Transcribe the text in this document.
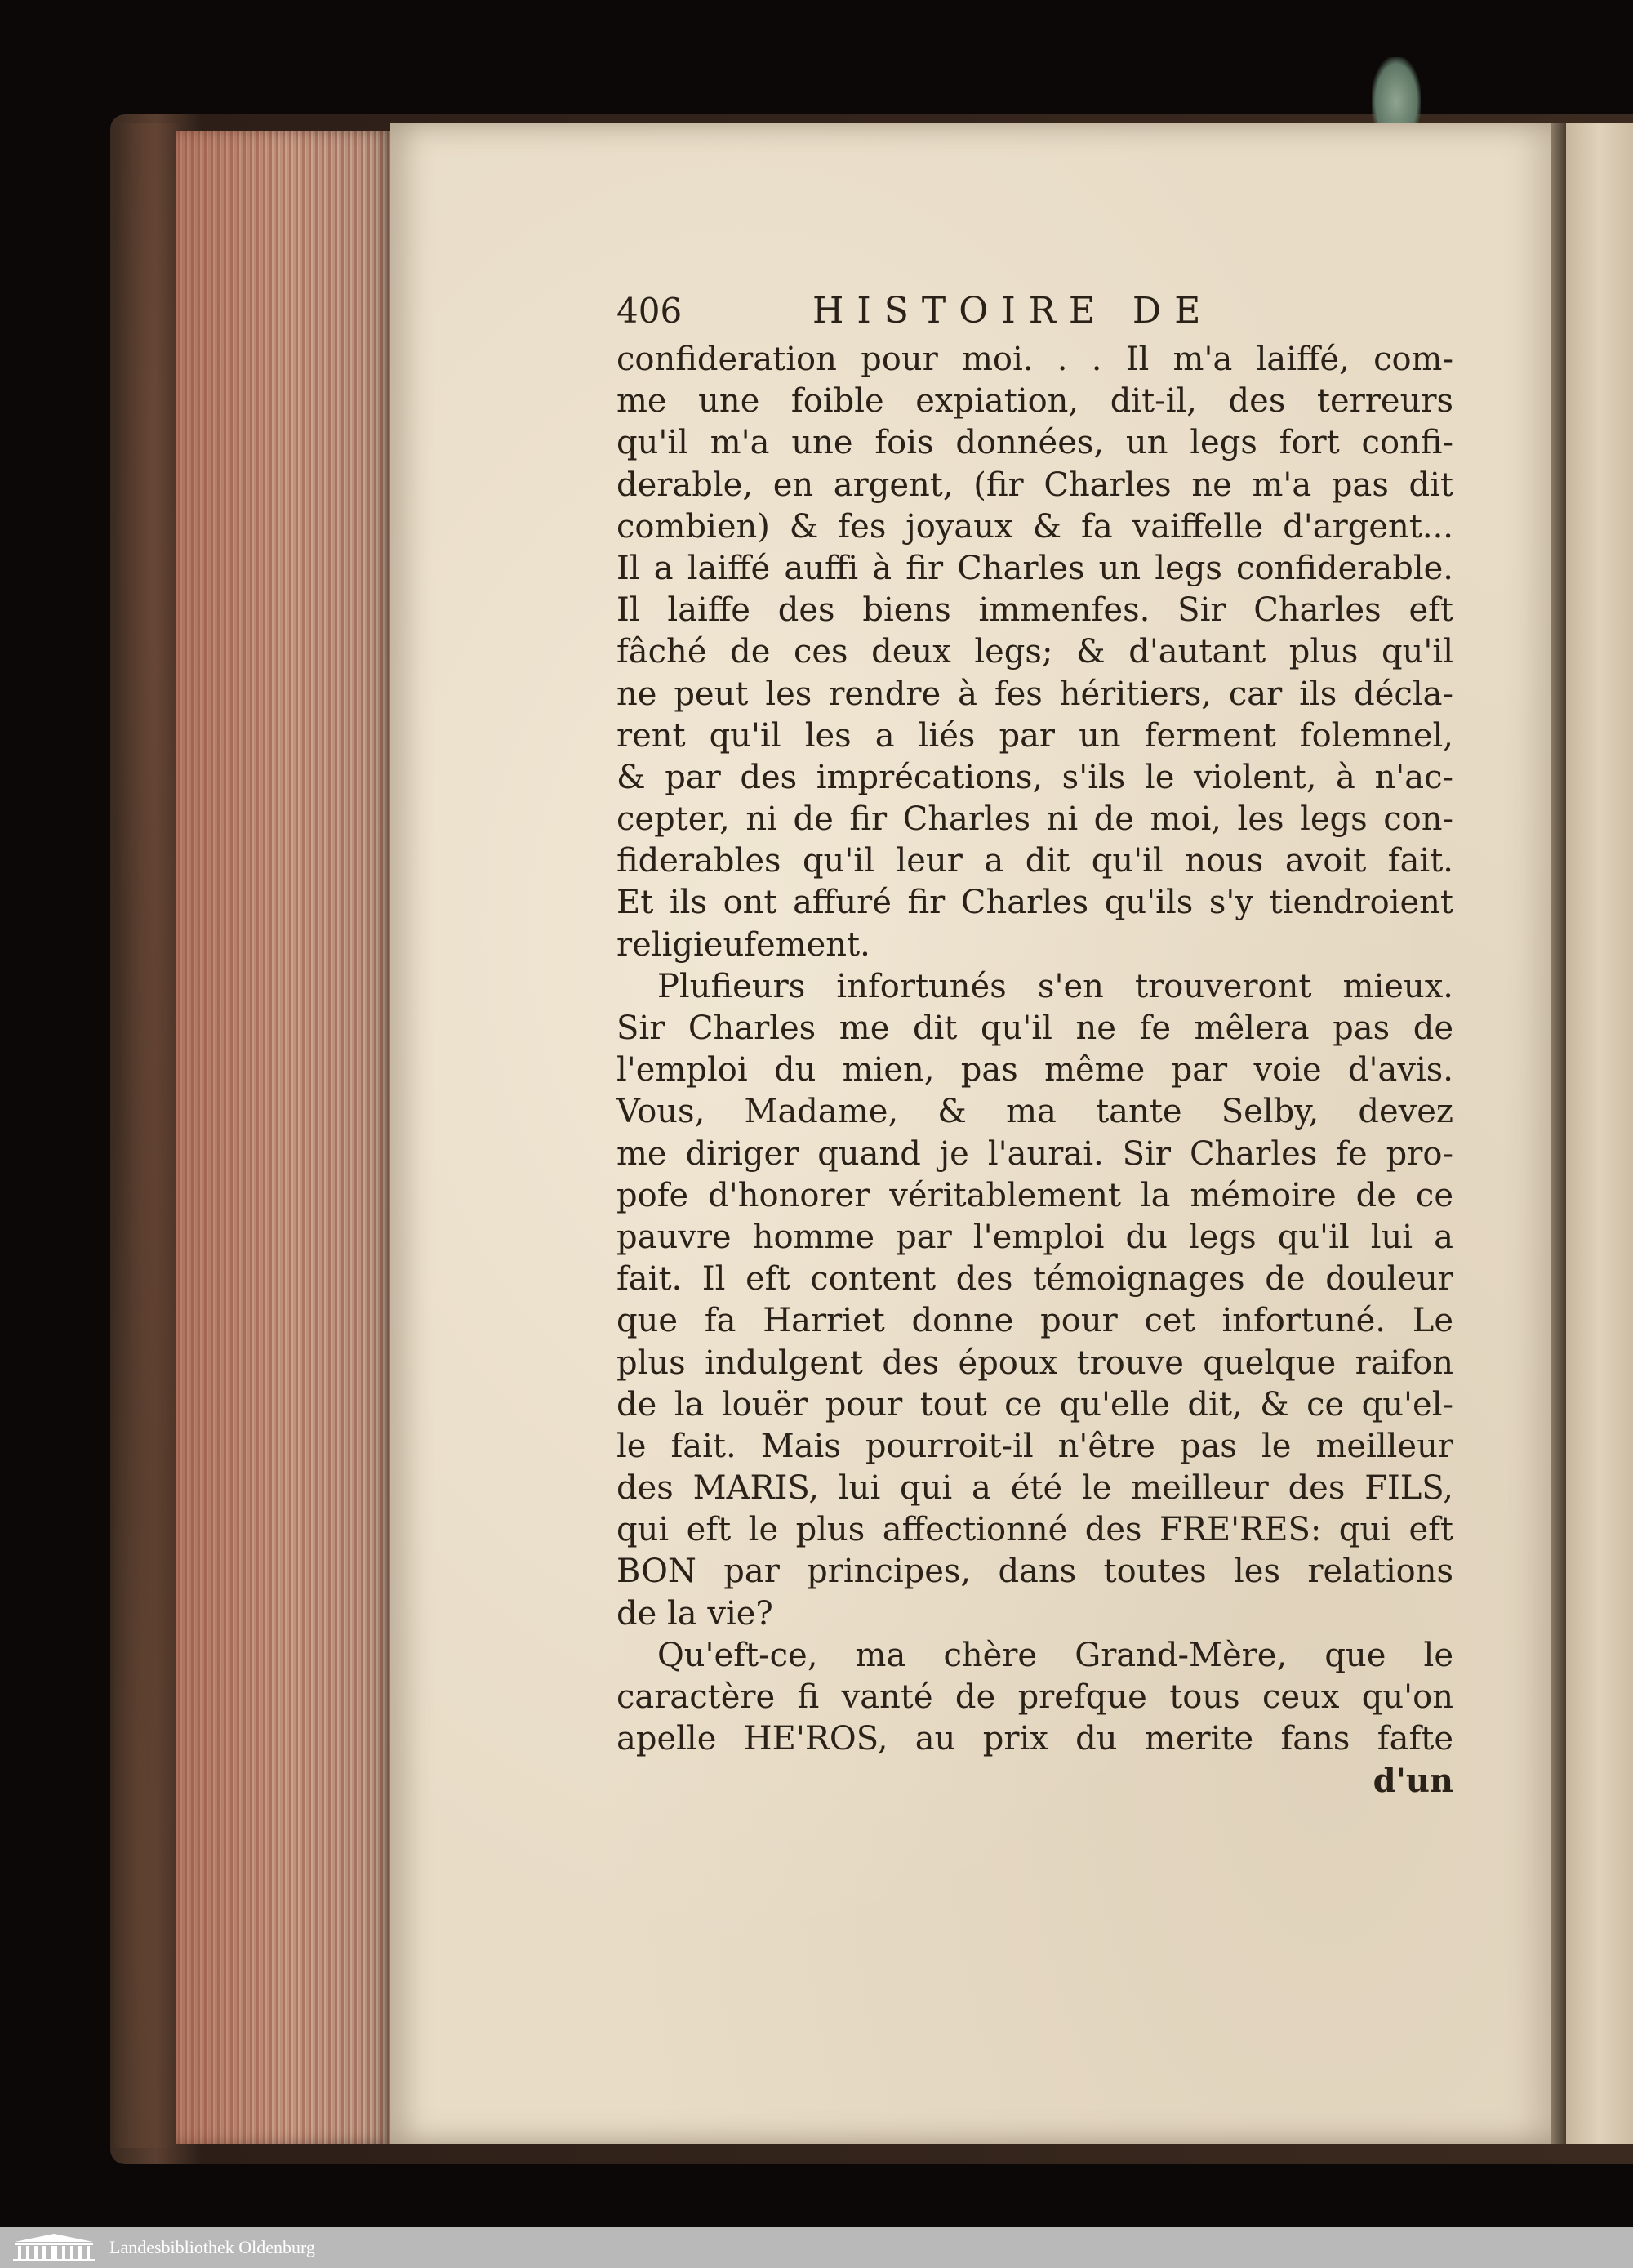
406	HISTOIRE DE
confideration pour moi. . . Il m'a laiffé, com-
me une foible expiation, dit-il, des terreurs
qu'il m'a une fois données, un legs fort confi-
derable, en argent, (fir Charles ne m'a pas dit
combien) & fes joyaux & fa vaiffelle d'argent...
Il a laiffé auffi à fir Charles un legs confiderable.
Il laiffe des biens immenfes. Sir Charles eft
fâché de ces deux legs; & d'autant plus qu'il
ne peut les rendre à fes héritiers, car ils décla-
rent qu'il les a liés par un ferment folemnel,
& par des imprécations, s'ils le violent, à n'ac-
cepter, ni de fir Charles ni de moi, les legs con-
fiderables qu'il leur a dit qu'il nous avoit fait.
Et ils ont affuré fir Charles qu'ils s'y tiendroient
religieufement.
Plufieurs infortunés s'en trouveront mieux.
Sir Charles me dit qu'il ne fe mêlera pas de
l'emploi du mien, pas même par voie d'avis.
Vous, Madame, & ma tante Selby, devez
me diriger quand je l'aurai. Sir Charles fe pro-
pofe d'honorer véritablement la mémoire de ce
pauvre homme par l'emploi du legs qu'il lui a
fait. Il eft content des témoignages de douleur
que fa Harriet donne pour cet infortuné. Le
plus indulgent des époux trouve quelque raifon
de la louër pour tout ce qu'elle dit, & ce qu'el-
le fait. Mais pourroit-il n'être pas le meilleur
des MARIS, lui qui a été le meilleur des FILS,
qui eft le plus affectionné des FRE'RES: qui eft
BON par principes, dans toutes les relations
de la vie?
Qu'eft-ce, ma chère Grand-Mère, que le
caractère fi vanté de prefque tous ceux qu'on
apelle HE'ROS, au prix du merite fans fafte
d'un
Landesbibliothek Oldenburg
